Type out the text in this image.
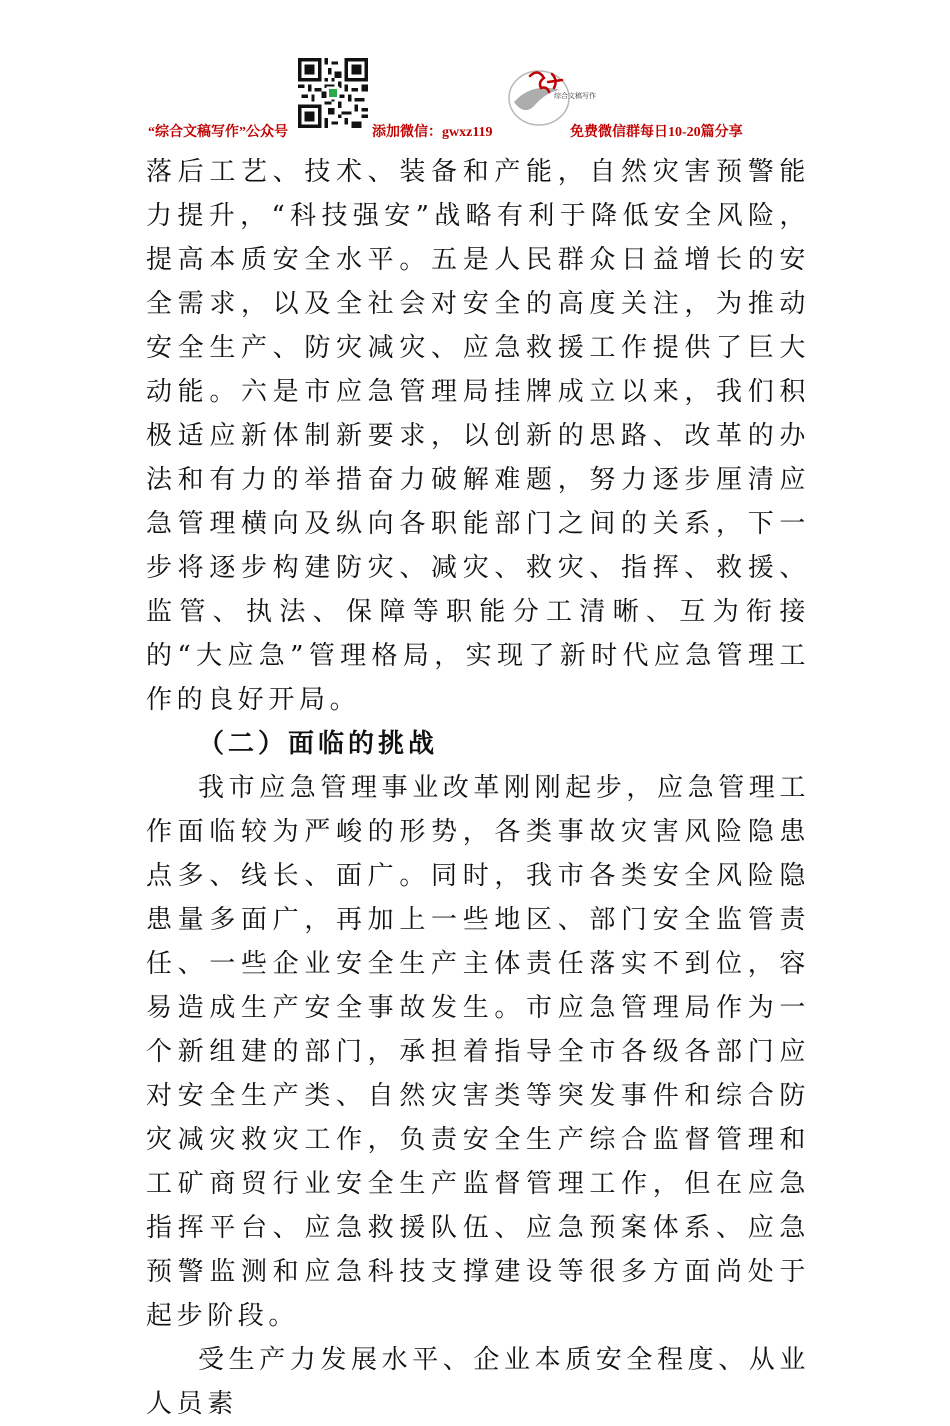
“综合文稿写作”公众号	添加微信：gwxz119
综合文稿写作
免费微信群每日10-20篇分享

落后工艺、技术、装备和产能，自然灾害预警能力提升，“科技强安”战略有利于降低安全风险，提高本质安全水平。五是人民群众日益增长的安全需求，以及全社会对安全的高度关注，为推动安全生产、防灾减灾、应急救援工作提供了巨大动能。六是市应急管理局挂牌成立以来，我们积极适应新体制新要求，以创新的思路、改革的办法和有力的举措奋力破解难题，努力逐步厘清应急管理横向及纵向各职能部门之间的关系，下一步将逐步构建防灾、减灾、救灾、指挥、救援、监管、执法、保障等职能分工清晰、互为衔接的“大应急”管理格局，实现了新时代应急管理工作的良好开局。

（二）面临的挑战

我市应急管理事业改革刚刚起步，应急管理工作面临较为严峻的形势，各类事故灾害风险隐患点多、线长、面广。同时，我市各类安全风险隐患量多面广，再加上一些地区、部门安全监管责任、一些企业安全生产主体责任落实不到位，容易造成生产安全事故发生。市应急管理局作为一个新组建的部门，承担着指导全市各级各部门应对安全生产类、自然灾害类等突发事件和综合防灾减灾救灾工作，负责安全生产综合监督管理和工矿商贸行业安全生产监督管理工作，但在应急指挥平台、应急救援队伍、应急预案体系、应急预警监测和应急科技支撑建设等很多方面尚处于起步阶段。

受生产力发展水平、企业本质安全程度、从业人员素
